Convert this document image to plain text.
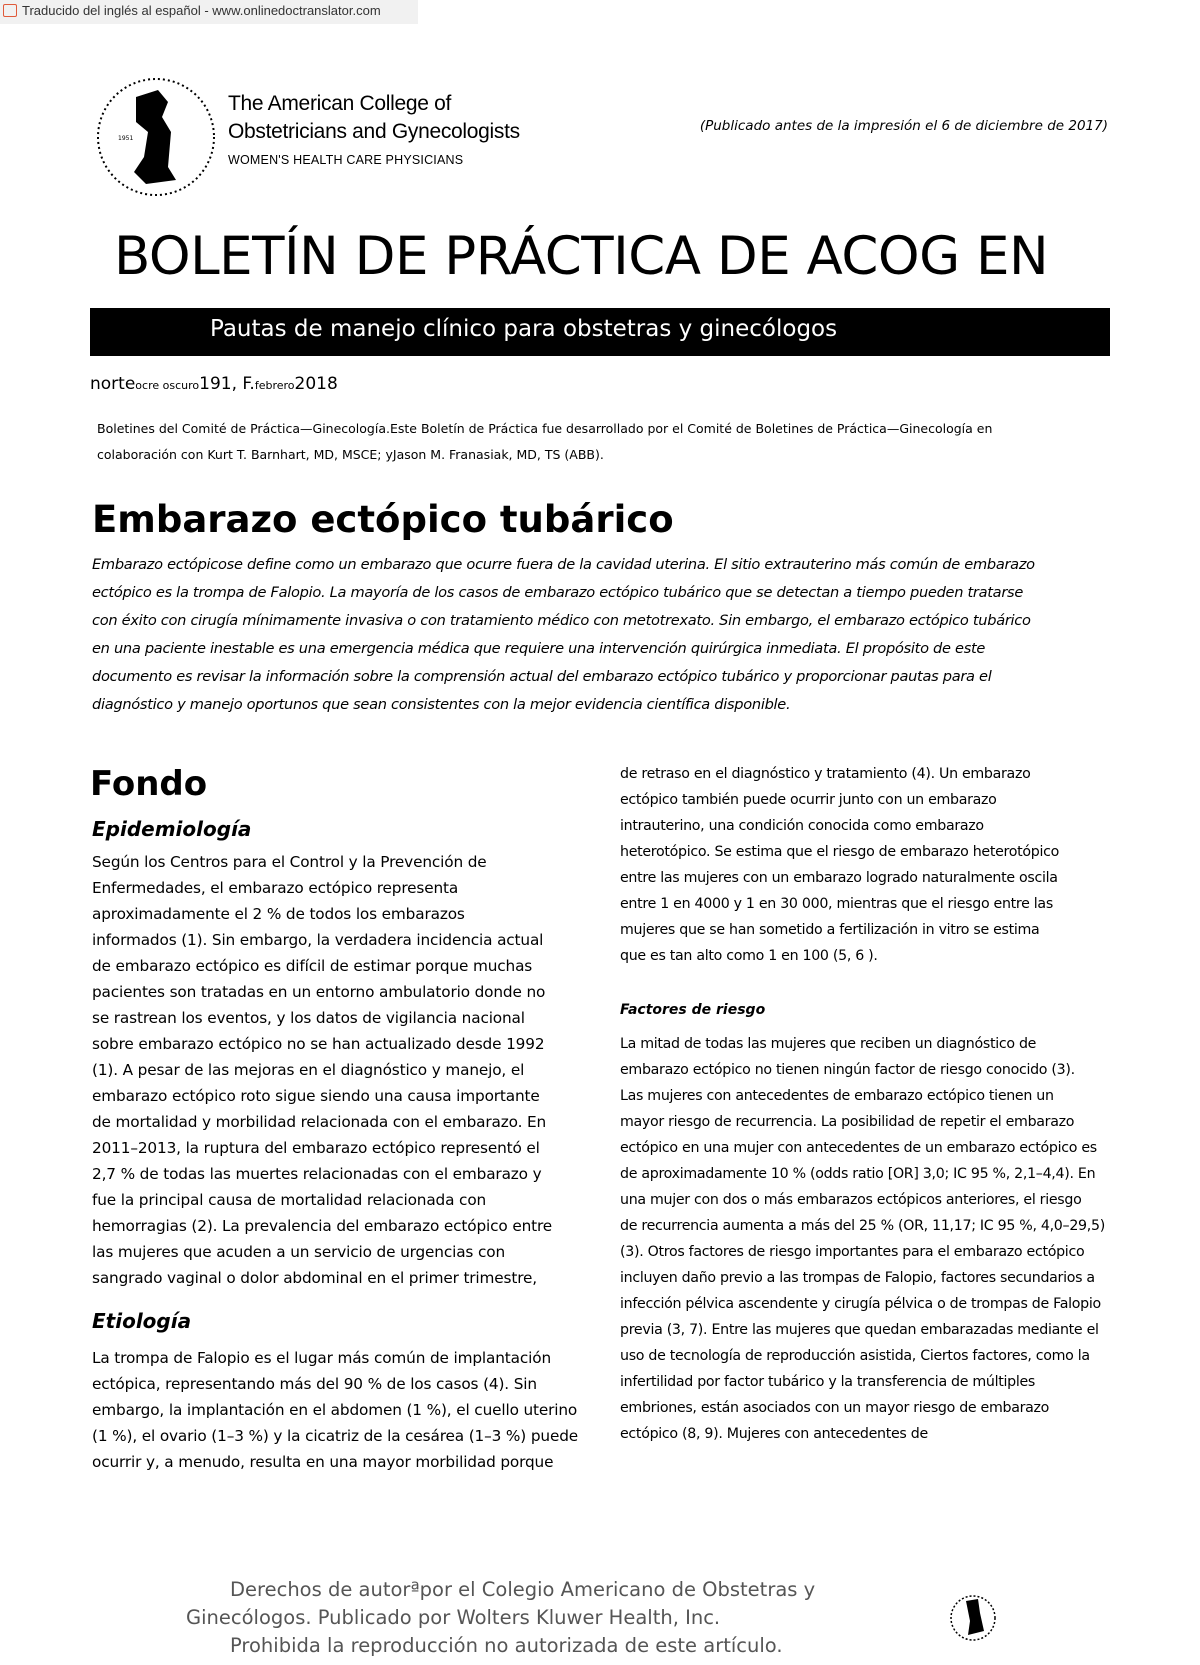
Traducido del inglés al español - www.onlinedoctranslator.com
1951
The American College of
Obstetricians and Gynecologists
WOMEN'S HEALTH CARE PHYSICIANS
(Publicado antes de la impresión el 6 de diciembre de 2017)
BOLETÍN DE PRÁCTICA DE ACOG EN
Pautas de manejo clínico para obstetras y ginecólogos
norteocre oscuro191, F.febrero2018
Boletines del Comité de Práctica—Ginecología.Este Boletín de Práctica fue desarrollado por el Comité de Boletines de Práctica—Ginecología en
colaboración con Kurt T. Barnhart, MD, MSCE; yJason M. Franasiak, MD, TS (ABB).
Embarazo ectópico tubárico
Embarazo ectópicose define como un embarazo que ocurre fuera de la cavidad uterina. El sitio extrauterino más común de embarazo
ectópico es la trompa de Falopio. La mayoría de los casos de embarazo ectópico tubárico que se detectan a tiempo pueden tratarse
con éxito con cirugía mínimamente invasiva o con tratamiento médico con metotrexato. Sin embargo, el embarazo ectópico tubárico
en una paciente inestable es una emergencia médica que requiere una intervención quirúrgica inmediata. El propósito de este
documento es revisar la información sobre la comprensión actual del embarazo ectópico tubárico y proporcionar pautas para el
diagnóstico y manejo oportunos que sean consistentes con la mejor evidencia científica disponible.
Fondo
Epidemiología
Según los Centros para el Control y la Prevención de
Enfermedades, el embarazo ectópico representa
aproximadamente el 2 % de todos los embarazos
informados (1). Sin embargo, la verdadera incidencia actual
de embarazo ectópico es difícil de estimar porque muchas
pacientes son tratadas en un entorno ambulatorio donde no
se rastrean los eventos, y los datos de vigilancia nacional
sobre embarazo ectópico no se han actualizado desde 1992
(1). A pesar de las mejoras en el diagnóstico y manejo, el
embarazo ectópico roto sigue siendo una causa importante
de mortalidad y morbilidad relacionada con el embarazo. En
2011–2013, la ruptura del embarazo ectópico representó el
2,7 % de todas las muertes relacionadas con el embarazo y
fue la principal causa de mortalidad relacionada con
hemorragias (2). La prevalencia del embarazo ectópico entre
las mujeres que acuden a un servicio de urgencias con
sangrado vaginal o dolor abdominal en el primer trimestre,
Etiología
La trompa de Falopio es el lugar más común de implantación
ectópica, representando más del 90 % de los casos (4). Sin
embargo, la implantación en el abdomen (1 %), el cuello uterino
(1 %), el ovario (1–3 %) y la cicatriz de la cesárea (1–3 %) puede
ocurrir y, a menudo, resulta en una mayor morbilidad porque
de retraso en el diagnóstico y tratamiento (4). Un embarazo
ectópico también puede ocurrir junto con un embarazo
intrauterino, una condición conocida como embarazo
heterotópico. Se estima que el riesgo de embarazo heterotópico
entre las mujeres con un embarazo logrado naturalmente oscila
entre 1 en 4000 y 1 en 30 000, mientras que el riesgo entre las
mujeres que se han sometido a fertilización in vitro se estima
que es tan alto como 1 en 100 (5, 6 ).
Factores de riesgo
La mitad de todas las mujeres que reciben un diagnóstico de
embarazo ectópico no tienen ningún factor de riesgo conocido (3).
Las mujeres con antecedentes de embarazo ectópico tienen un
mayor riesgo de recurrencia. La posibilidad de repetir el embarazo
ectópico en una mujer con antecedentes de un embarazo ectópico es
de aproximadamente 10 % (odds ratio [OR] 3,0; IC 95 %, 2,1–4,4). En
una mujer con dos o más embarazos ectópicos anteriores, el riesgo
de recurrencia aumenta a más del 25 % (OR, 11,17; IC 95 %, 4,0–29,5)
(3). Otros factores de riesgo importantes para el embarazo ectópico
incluyen daño previo a las trompas de Falopio, factores secundarios a
infección pélvica ascendente y cirugía pélvica o de trompas de Falopio
previa (3, 7). Entre las mujeres que quedan embarazadas mediante el
uso de tecnología de reproducción asistida, Ciertos factores, como la
infertilidad por factor tubárico y la transferencia de múltiples
embriones, están asociados con un mayor riesgo de embarazo
ectópico (8, 9). Mujeres con antecedentes de
Derechos de autorªpor el Colegio Americano de Obstetras y
Ginecólogos. Publicado por Wolters Kluwer Health, Inc.
Prohibida la reproducción no autorizada de este artículo.
